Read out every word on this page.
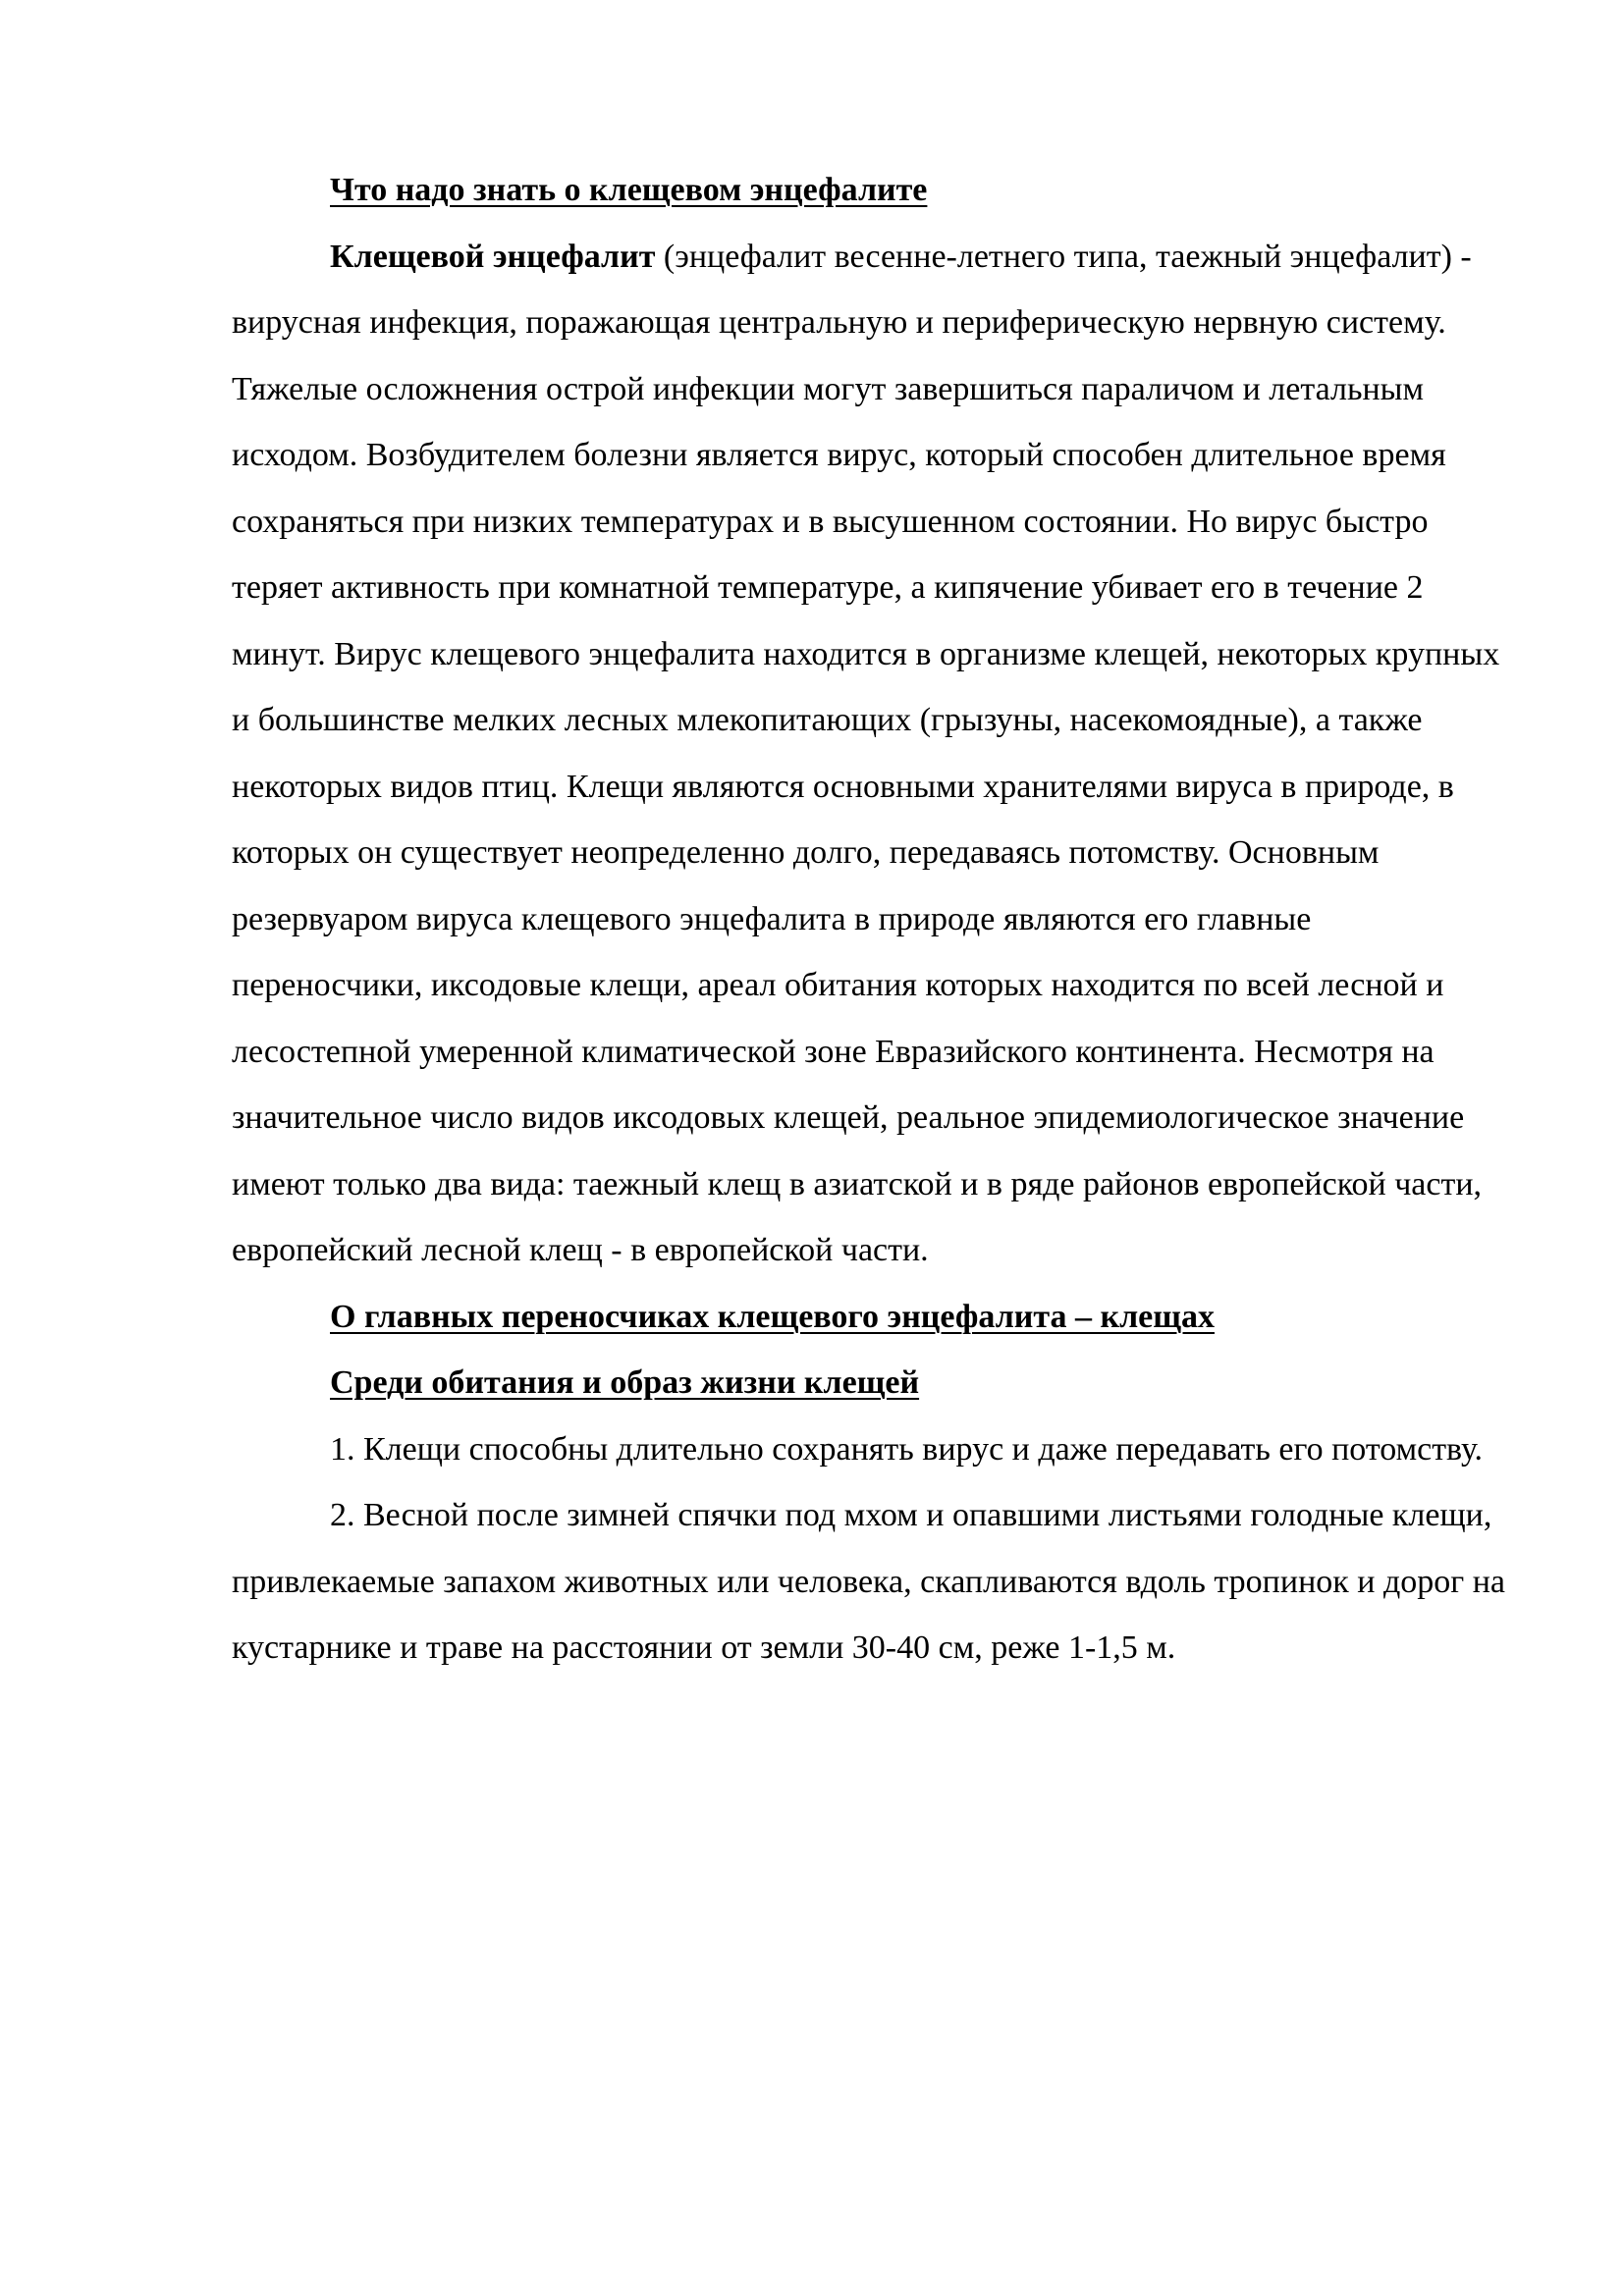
Что надо знать о клещевом энцефалите

Клещевой энцефалит (энцефалит весенне-летнего типа, таежный энцефалит) - вирусная инфекция, поражающая центральную и периферическую нервную систему. Тяжелые осложнения острой инфекции могут завершиться параличом и летальным исходом. Возбудителем болезни является вирус, который способен длительное время сохраняться при низких температурах и в высушенном состоянии. Но вирус быстро теряет активность при комнатной температуре, а кипячение убивает его в течение 2 минут. Вирус клещевого энцефалита находится в организме клещей, некоторых крупных и большинстве мелких лесных млекопитающих (грызуны, насекомоядные), а также некоторых видов птиц. Клещи являются основными хранителями вируса в природе, в которых он существует неопределенно долго, передаваясь потомству. Основным резервуаром вируса клещевого энцефалита в природе являются его главные переносчики, иксодовые клещи, ареал обитания которых находится по всей лесной и лесостепной умеренной климатической зоне Евразийского континента. Несмотря на значительное число видов иксодовых клещей, реальное эпидемиологическое значение имеют только два вида: таежный клещ в азиатской и в ряде районов европейской части, европейский лесной клещ - в европейской части.

О главных переносчиках клещевого энцефалита – клещах

Среди обитания и образ жизни клещей

1. Клещи способны длительно сохранять вирус и даже передавать его потомству.

2. Весной после зимней спячки под мхом и опавшими листьями голодные клещи, привлекаемые запахом животных или человека, скапливаются вдоль тропинок и дорог на кустарнике и траве на расстоянии от земли 30-40 см, реже 1-1,5 м.
